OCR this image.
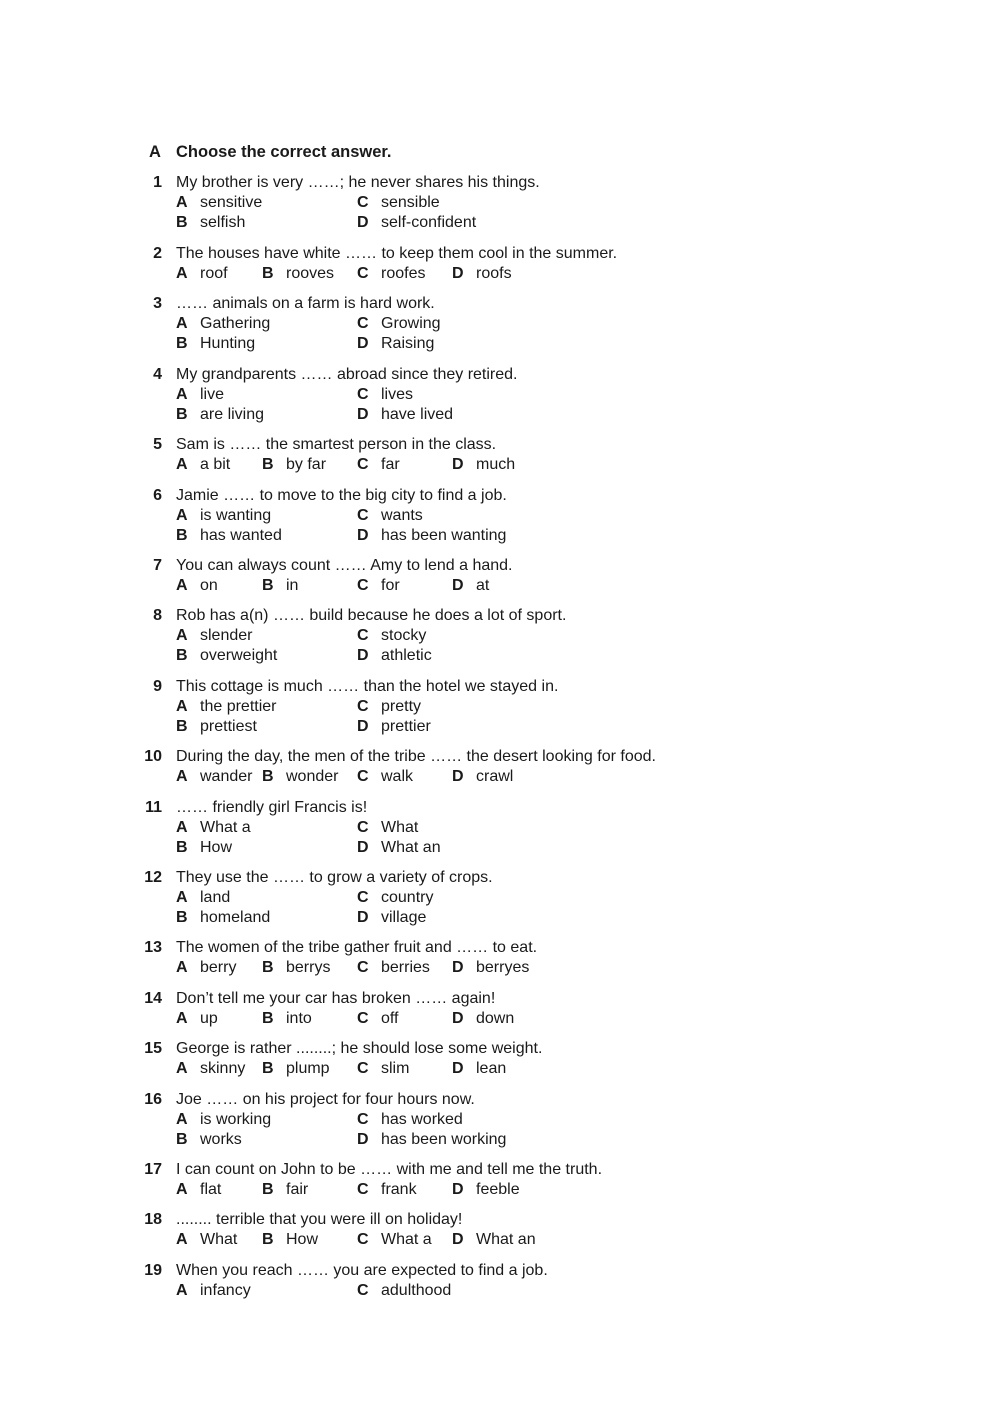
A Choose the correct answer.
1 My brother is very ……; he never shares his things.
A sensitive	C sensible
B selfish	D self-confident
2 The houses have white …… to keep them cool in the summer.
A roof B rooves C roofes D roofs
3 …… animals on a farm is hard work.
A Gathering	C Growing
B Hunting	D Raising
4 My grandparents …… abroad since they retired.
A live	C lives
B are living	D have lived
5 Sam is …… the smartest person in the class.
A a bit B by far C far	D much
6 Jamie …… to move to the big city to find a job.
A is wanting	C wants
B has wanted	D has been wanting
7 You can always count …… Amy to lend a hand.
A on	B in	C for	D at
8 Rob has a(n) …… build because he does a lot of sport.
A slender	C stocky
B overweight	D athletic
9 This cottage is much …… than the hotel we stayed in.
A the prettier	C pretty
B prettiest	D prettier
10 During the day, the men of the tribe …… the desert looking for food.
A wander B wonder C walk D crawl
11 …… friendly girl Francis is!
A What a	C What
B How	D What an
12 They use the …… to grow a variety of crops.
A land	C country
B homeland	D village
13 The women of the tribe gather fruit and …… to eat.
A berry B berrys C berries D berryes
14 Don’t tell me your car has broken …… again!
A up	B into	C off	D down
15 George is rather ........; he should lose some weight.
A skinny B plump C slim	D lean
16 Joe …… on his project for four hours now.
A is working	C has worked
B works	D has been working
17 I can count on John to be …… with me and tell me the truth.
A flat	B fair	C frank D feeble
18 ........ terrible that you were ill on holiday!
A What B How C What a D What an
19 When you reach …… you are expected to find a job.
A infancy	C adulthood
